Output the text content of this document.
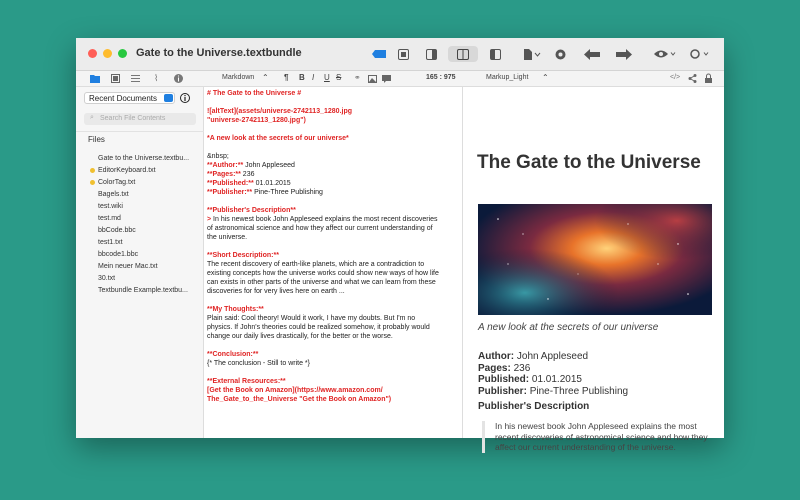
Gate to the Universe.textbundle
⌇	Markdown ⌃ ¶ B I U S ⚭	165 : 975	Markup_Light ⌃	</>
Recent Documents
⌕ Search File Contents
Files
Gate to the Universe.textbu...
EditorKeyboard.txt
ColorTag.txt
Bagels.txt
test.wiki
test.md
bbCode.bbc
test1.txt
bbcode1.bbc
Mein neuer Mac.txt
30.txt
Textbundle Example.textbu...
# The Gate to the Universe #
![altText](assets/universe-2742113_1280.jpg
"universe-2742113_1280.jpg")
*A new look at the secrets of our universe*
&nbsp;
**Author:** John Appleseed
**Pages:** 236
**Published:** 01.01.2015
**Publisher:** Pine-Three Publishing
**Publisher's Description**
> In his newest book John Appleseed explains the most recent discoveries
of astronomical science and how they affect our current understanding of
the universe.
**Short Description:**
The recent discovery of earth-like planets, which are a contradiction to
existing concepts how the universe works could show new ways of how life
can exists in other parts of the universe and what we can learn from these
discoveries for for very lives here on earth ...
**My Thoughts:**
Plain said: Cool theory! Would it work, I have my doubts. But I'm no
physics. If John's theories could be realized somehow, it probably would
change our daily lives drastically, for the better or the worse.
**Conclusion:**
{* The conclusion - Still to write *}
**External Resources:**
[Get the Book on Amazon](https://www.amazon.com/
The_Gate_to_the_Universe "Get the Book on Amazon")
The Gate to the Universe
A new look at the secrets of our universe
Author: John Appleseed
Pages: 236
Published: 01.01.2015
Publisher: Pine-Three Publishing
Publisher's Description
In his newest book John Appleseed explains the most recent discoveries of astronomical science and how they affect our current understanding of the universe.
